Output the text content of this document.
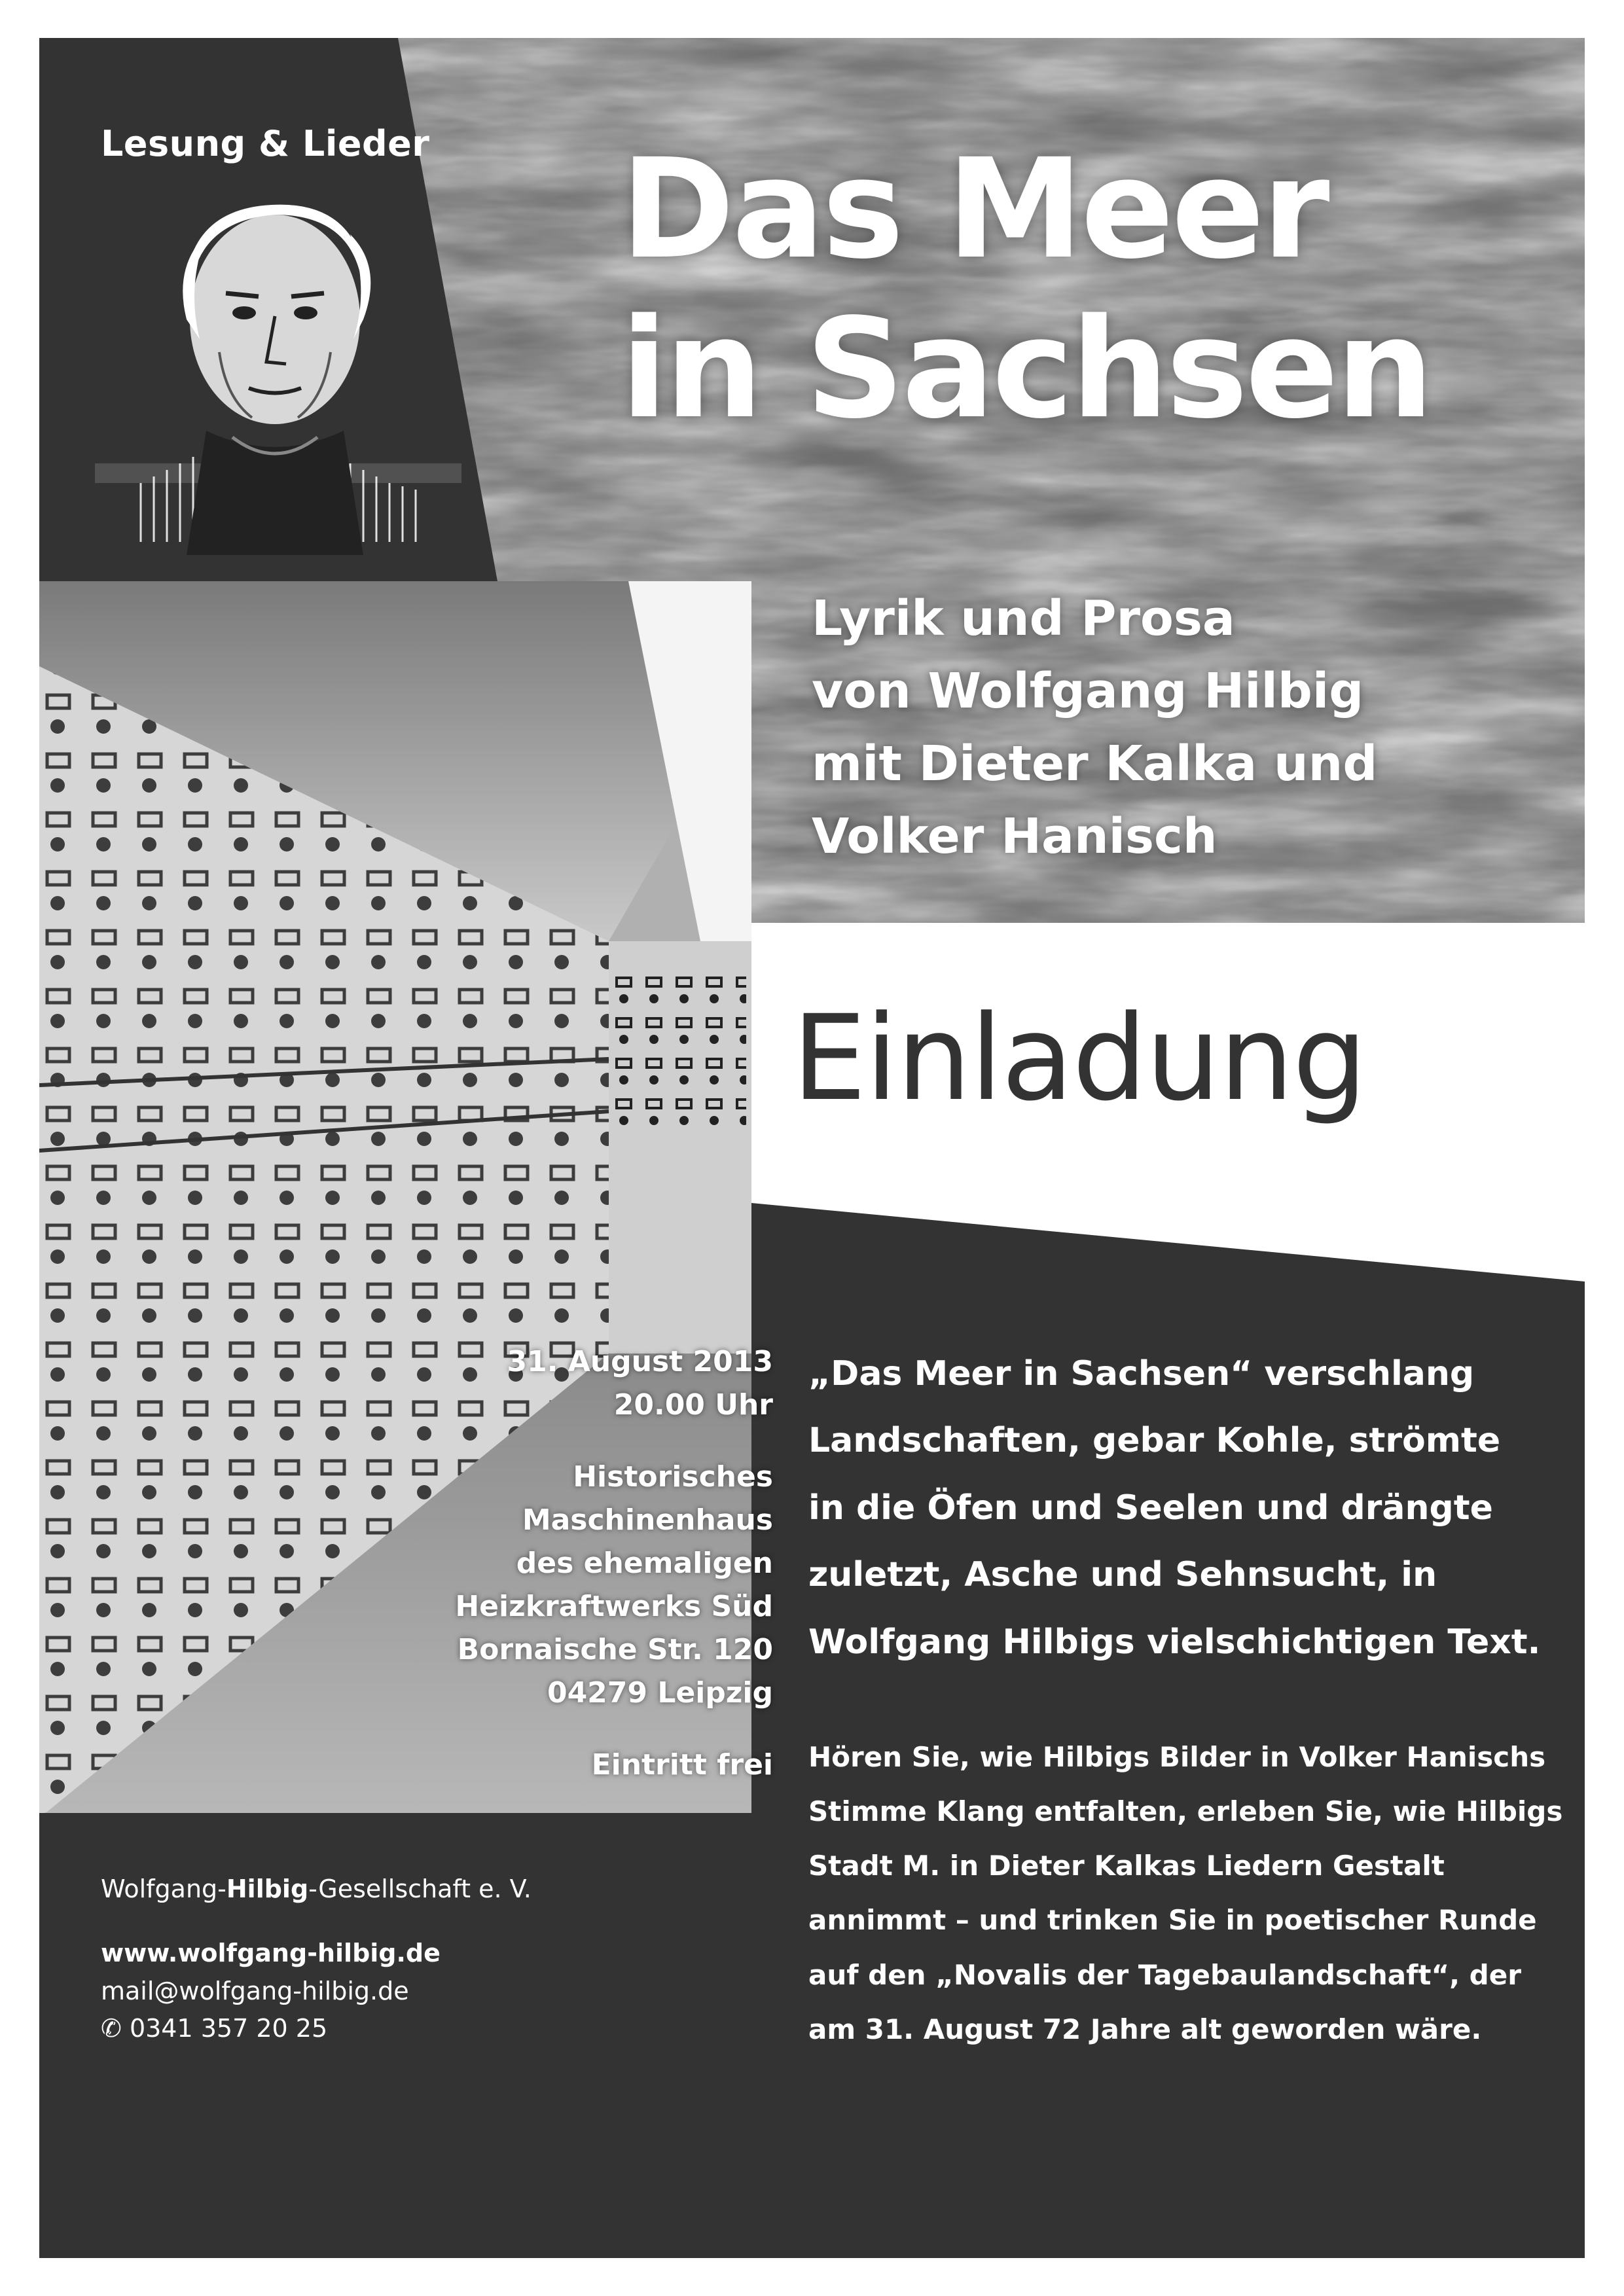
Lesung & Lieder Das Meer
in Sachsen
Lyrik und Prosa
von Wolfgang Hilbig
mit Dieter Kalka und
Volker Hanisch
Einladung
31. August 2013
20.00 Uhr
Historisches
Maschinenhaus
des ehemaligen
Heizkraftwerks Süd
Bornaische Str. 120
04279 Leipzig
Eintritt frei
„Das Meer in Sachsen“ verschlang
Landschaften, gebar Kohle, strömte
in die Öfen und Seelen und drängte
zuletzt, Asche und Sehnsucht, in
Wolfgang Hilbigs vielschichtigen Text.
Hören Sie, wie Hilbigs Bilder in Volker Hanischs
Stimme Klang entfalten, erleben Sie, wie Hilbigs
Stadt M. in Dieter Kalkas Liedern Gestalt
annimmt – und trinken Sie in poetischer Runde
auf den „Novalis der Tagebaulandschaft“, der
am 31. August 72 Jahre alt geworden wäre.
Wolfgang-Hilbig-Gesellschaft e. V.
www.wolfgang-hilbig.de
mail@wolfgang-hilbig.de
✆ 0341 357 20 25
